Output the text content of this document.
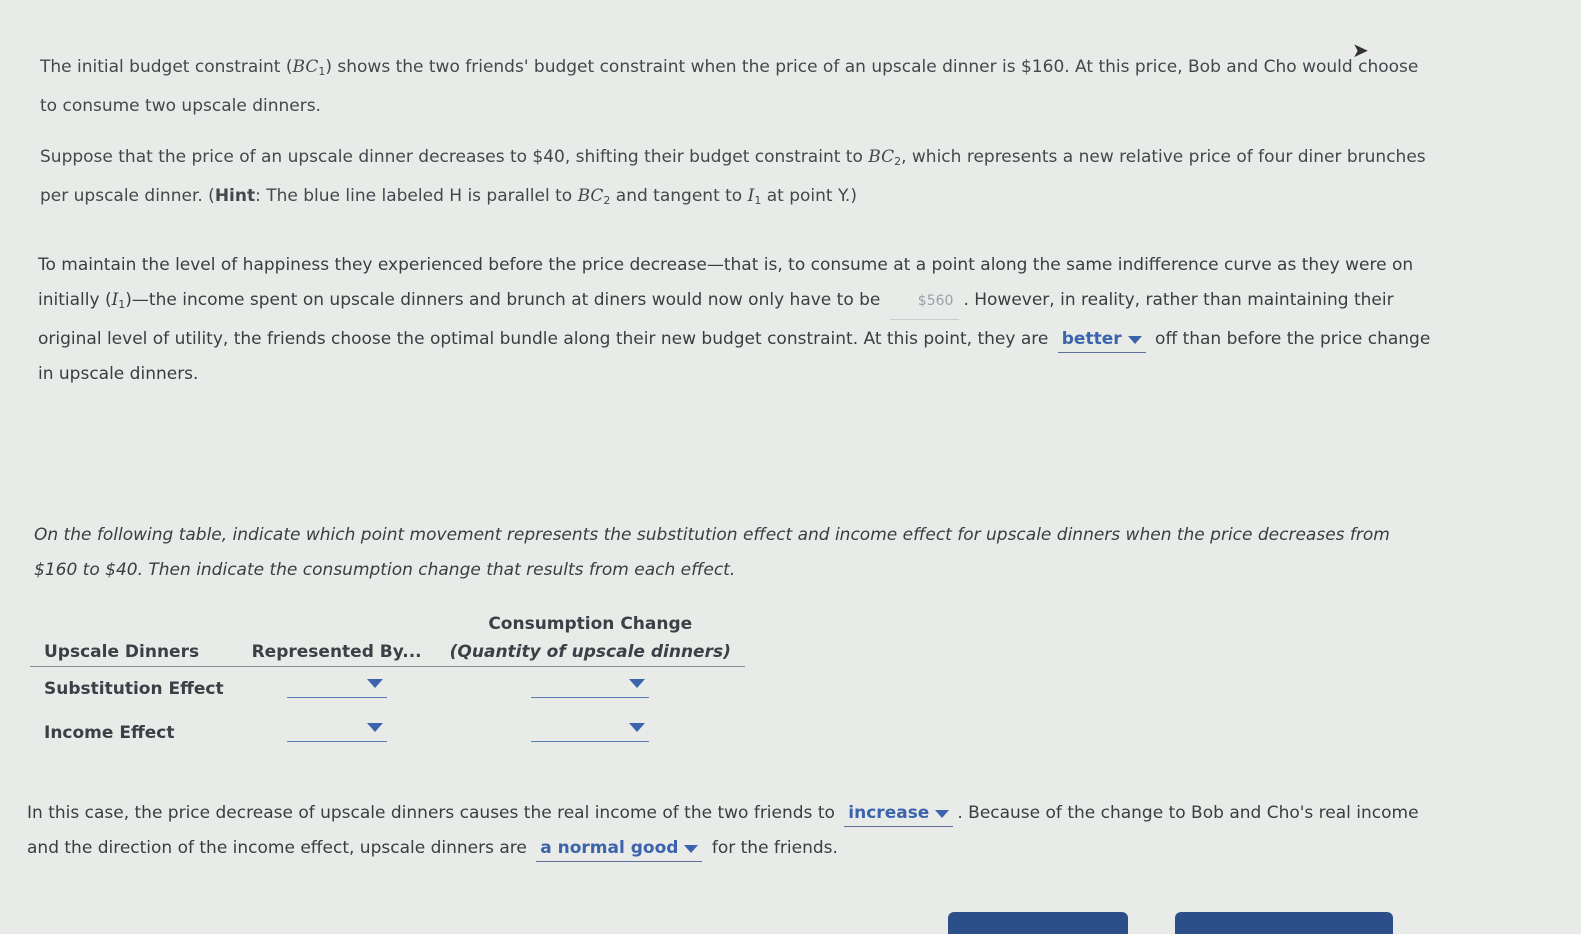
➤
The initial budget constraint $(BC_1)$ shows the two friends' budget constraint when the price of an upscale dinner is $160. At this price, Bob and Cho would choose to consume two upscale dinners.
Suppose that the price of an upscale dinner decreases to $40, shifting their budget constraint to $BC_2$, which represents a new relative price of four diner brunches per upscale dinner. (Hint: The blue line labeled H is parallel to $BC_2$ and tangent to $I_1$ at point Y.)
To maintain the level of happiness they experienced before the price decrease—that is, to consume at a point along the same indifference curve as they were on initially $(I_1)—the$ income spent on upscale dinners and brunch at diners would now only have to be	$560 . However, in reality, rather than maintaining their original level of utility, the friends choose the optimal bundle along their new budget constraint. At this point, they are better off than before the price change in upscale dinners.
On the following table, indicate which point movement represents the substitution effect and income effect for upscale dinners when the price decreases from $160 to $40. Then indicate the consumption change that results from each effect.
		Consumption Change
Upscale Dinners	Represented By...	(Quantity of upscale dinners)
Substitution Effect	

Income Effect	

In this case, the price decrease of upscale dinners causes the real income of the two friends to increase . Because of the change to Bob and Cho's real income and the direction of the income effect, upscale dinners are a normal good for the friends.
